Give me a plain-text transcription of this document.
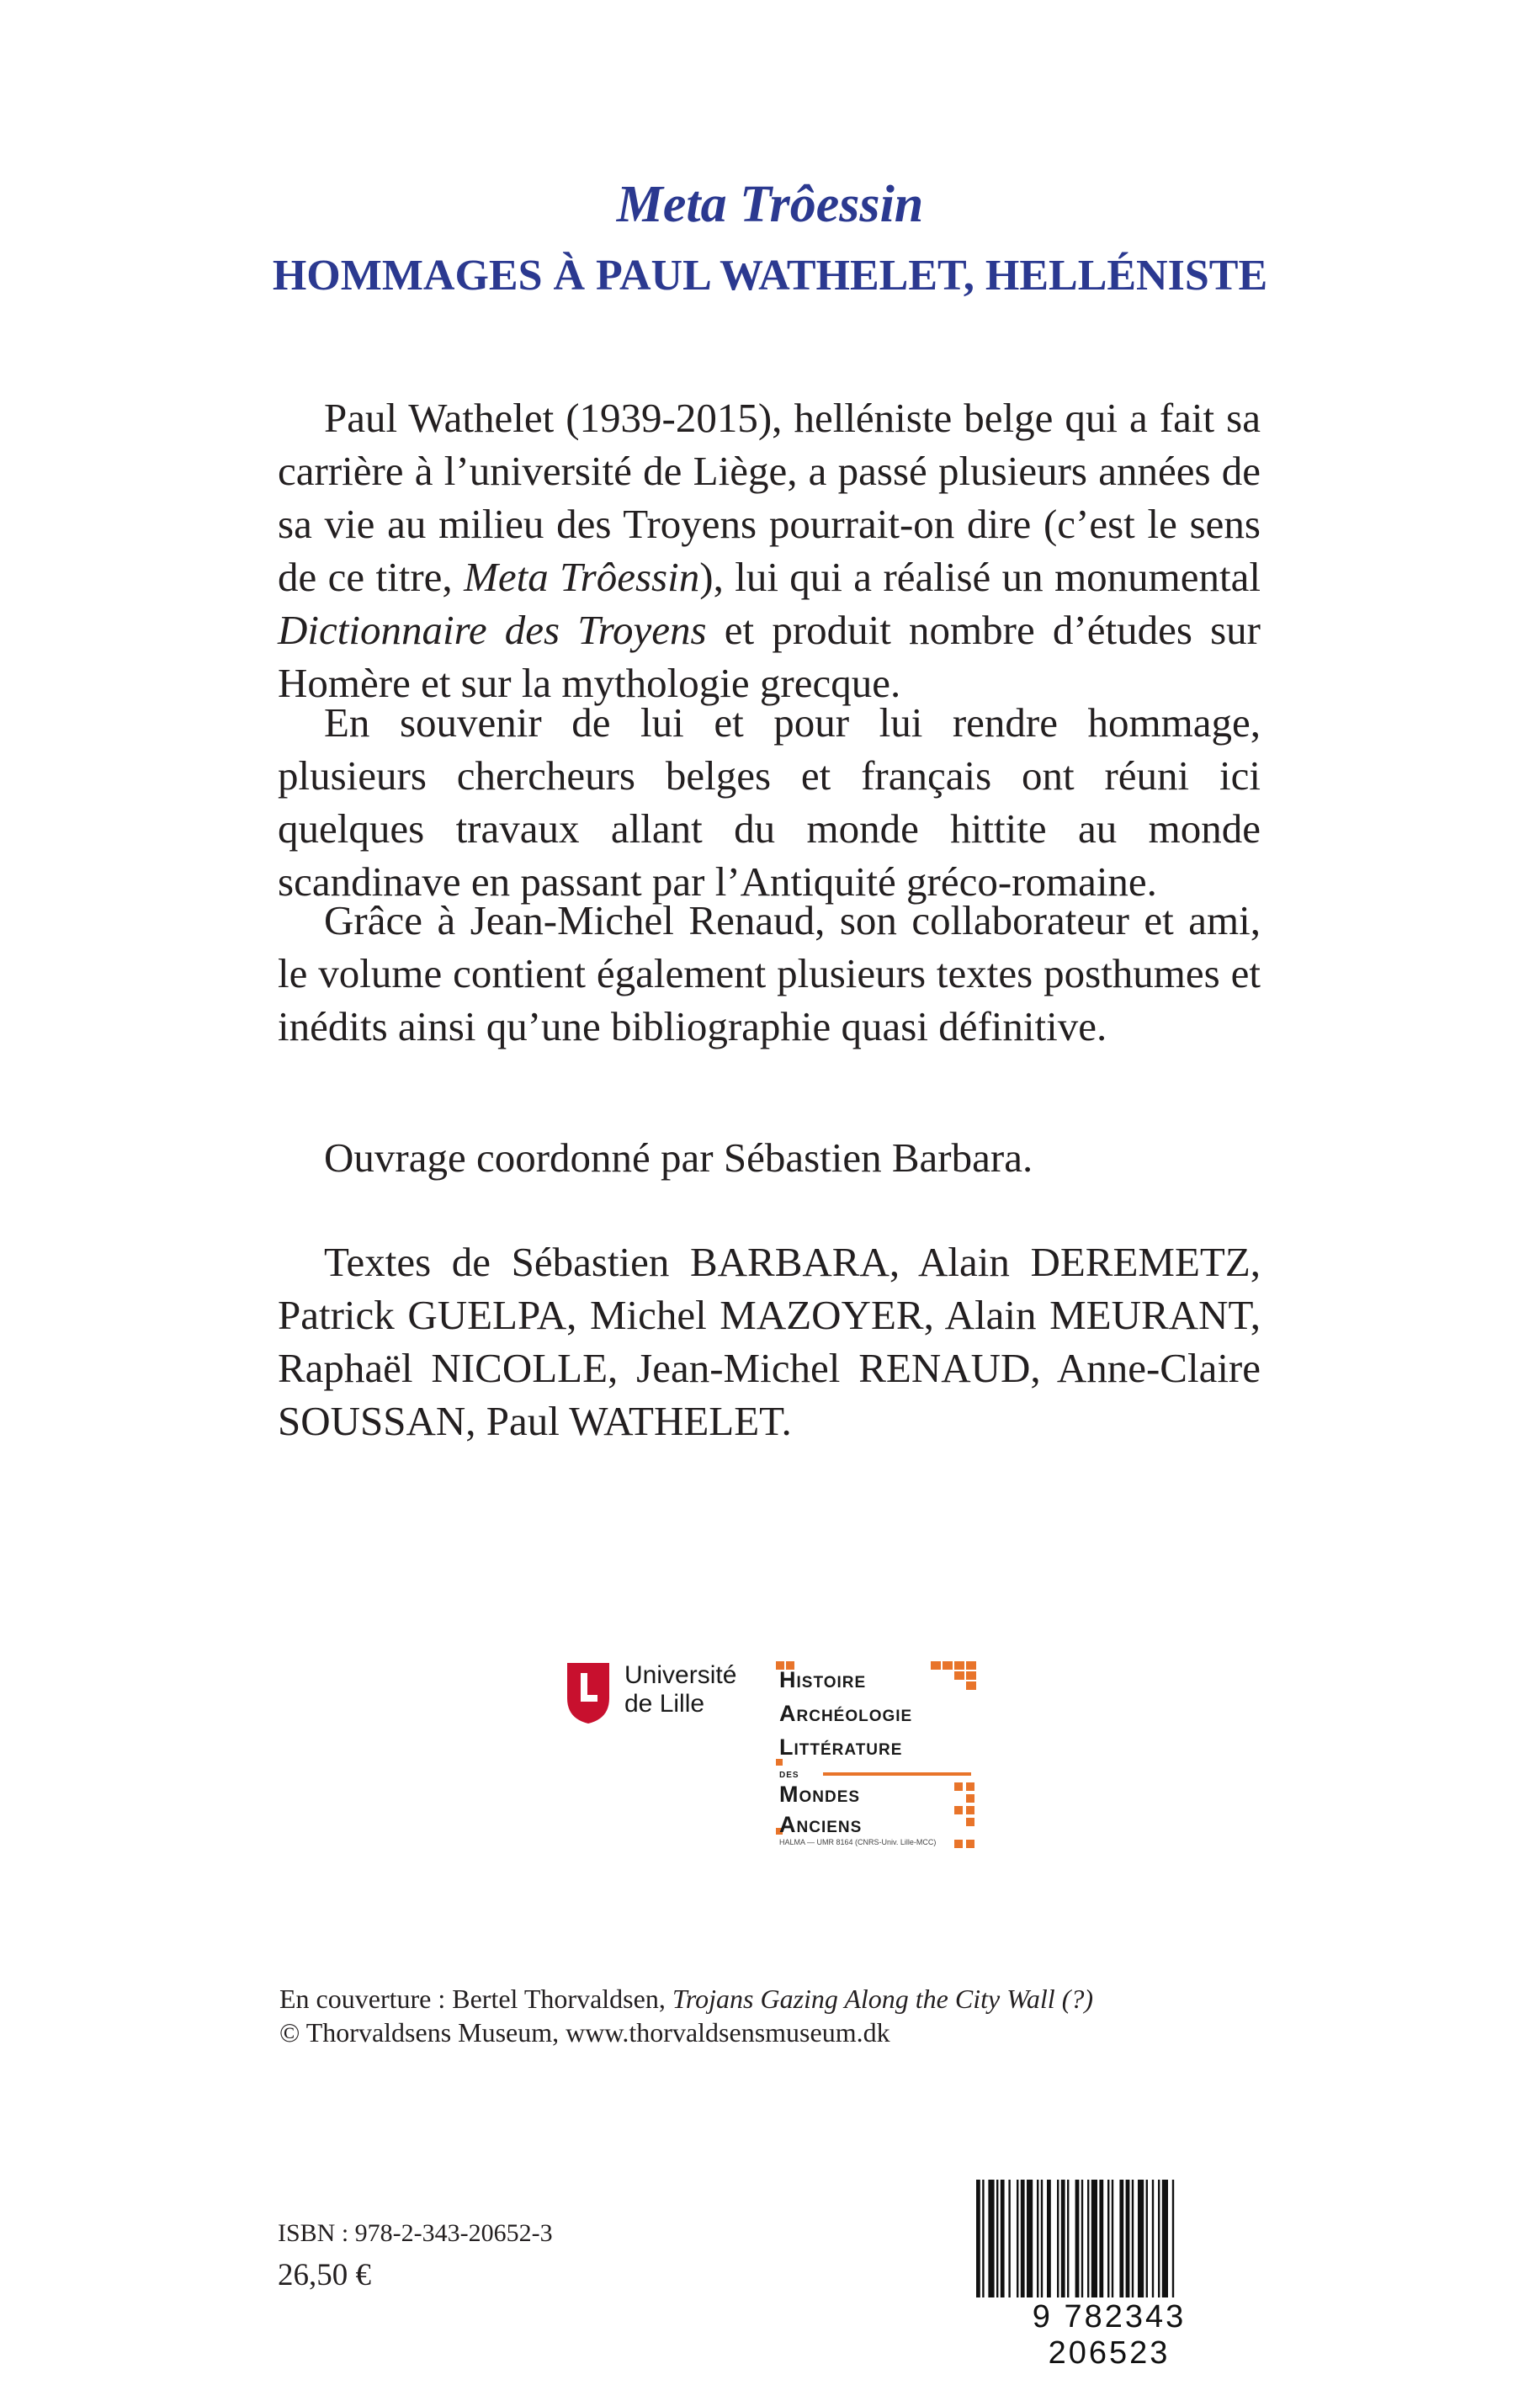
Meta Trôessin
HOMMAGES À PAUL WATHELET, HELLÉNISTE

Paul Wathelet (1939-2015), helléniste belge qui a fait sa carrière à l’université de Liège, a passé plusieurs années de sa vie au milieu des Troyens pourrait-on dire (c’est le sens de ce titre, Meta Trôessin), lui qui a réalisé un monumental Dictionnaire des Troyens et produit nombre d’études sur Homère et sur la mythologie grecque.

En souvenir de lui et pour lui rendre hommage, plusieurs chercheurs belges et français ont réuni ici quelques travaux allant du monde hittite au monde scandinave en passant par l’Antiquité gréco-romaine.

Grâce à Jean-Michel Renaud, son collaborateur et ami, le volume contient également plusieurs textes posthumes et inédits ainsi qu’une bibliographie quasi définitive.

Ouvrage coordonné par Sébastien Barbara.

Textes de Sébastien BARBARA, Alain DEREMETZ, Patrick GUELPA, Michel MAZOYER, Alain MEURANT, Raphaël NICOLLE, Jean-Michel RENAUD, Anne-Claire SOUSSAN, Paul WATHELET.

Université
de Lille
Histoire
Archéologie
Littérature
des
Mondes
Anciens
HALMA — UMR 8164 (CNRS-Univ. Lille-MCC)

En couverture : Bertel Thorvaldsen, Trojans Gazing Along the City Wall (?)

© Thorvaldsens Museum, www.thorvaldsensmuseum.dk

ISBN : 978-2-343-20652-3

26,50 €

9 782343 206523
